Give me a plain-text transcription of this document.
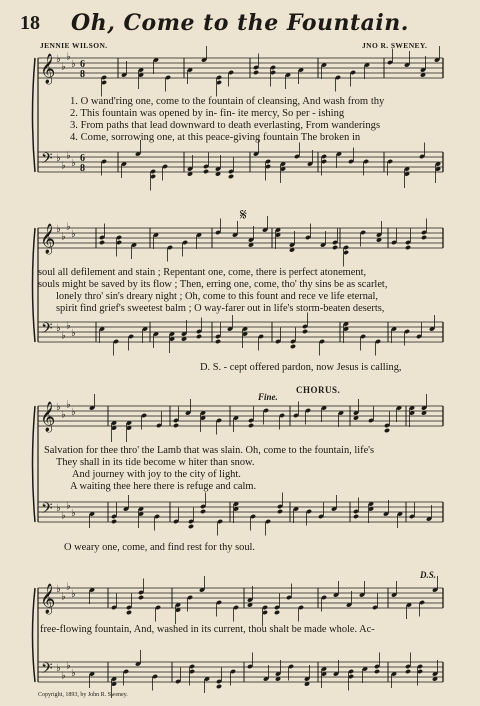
𝄞
𝄢
♭
♭
♭
♭
♭
♭
♭
♭
6
8
6
8
𝄞
𝄢
♭
♭
♭
♭
♭
♭
♭
♭
𝄞
𝄢
♭
♭
♭
♭
♭
♭
♭
♭
𝄞
𝄢
♭
♭
♭
♭
♭
♭
♭
♭
18	Oh, Come to the Fountain.
JENNIE WILSON.	JNO R. SWENEY.
1. O wand'ring one, come to the fountain of cleansing, And wash from thy
2. This fountain was opened by in- fin- ite mercy, So per - ishing
3. From paths that lead downward to death everlasting, From wanderings
4. Come, sorrowing one, at this peace-giving fountain The broken in
𝄋
soul all defilement and stain ; Repentant one, come, there is perfect atonement,
souls might be saved by its flow ; Then, erring one, come, tho' thy sins be as scarlet,
lonely thro' sin's dreary night ; Oh, come to this fount and rece ve life eternal,
spirit find grief's sweetest balm ; O way-farer out in life's storm-beaten deserts,
D. S. - cept offered pardon, now Jesus is calling,
Fine.
CHORUS.
Salvation for thee thro' the Lamb that was slain. Oh, come to the fountain, life's
They shall in its tide become w hiter than snow.
And journey with joy to the city of light.
A waiting thee here there is refuge and calm.
O weary one, come, and find rest for thy soul.
D.S.
free-flowing fountain, And, washed in its current, thou shalt be made whole. Ac-
Copyright, 1893, by John R. Sweney.
